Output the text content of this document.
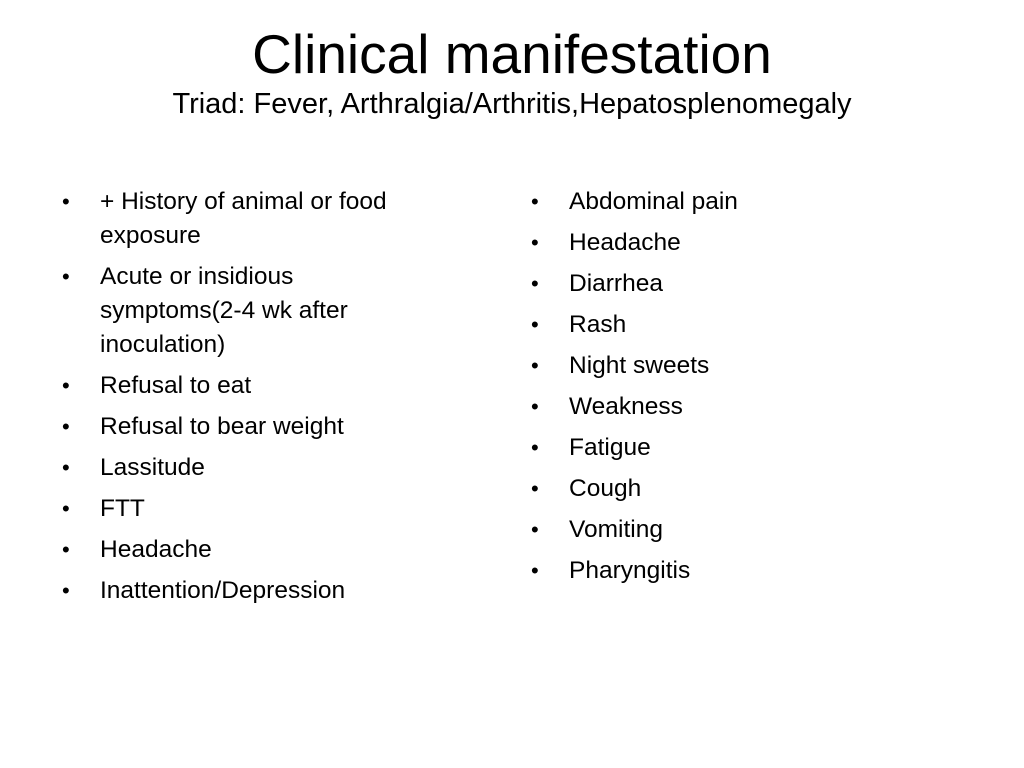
Clinical manifestation
Triad: Fever, Arthralgia/Arthritis,Hepatosplenomegaly
• + History of animal or food exposure
• Acute or insidious symptoms(2-4 wk after inoculation)
• Refusal to eat
• Refusal to bear weight
• Lassitude
• FTT
• Headache
• Inattention/Depression
• Abdominal pain
• Headache
• Diarrhea
• Rash
• Night sweets
• Weakness
• Fatigue
• Cough
• Vomiting
• Pharyngitis
